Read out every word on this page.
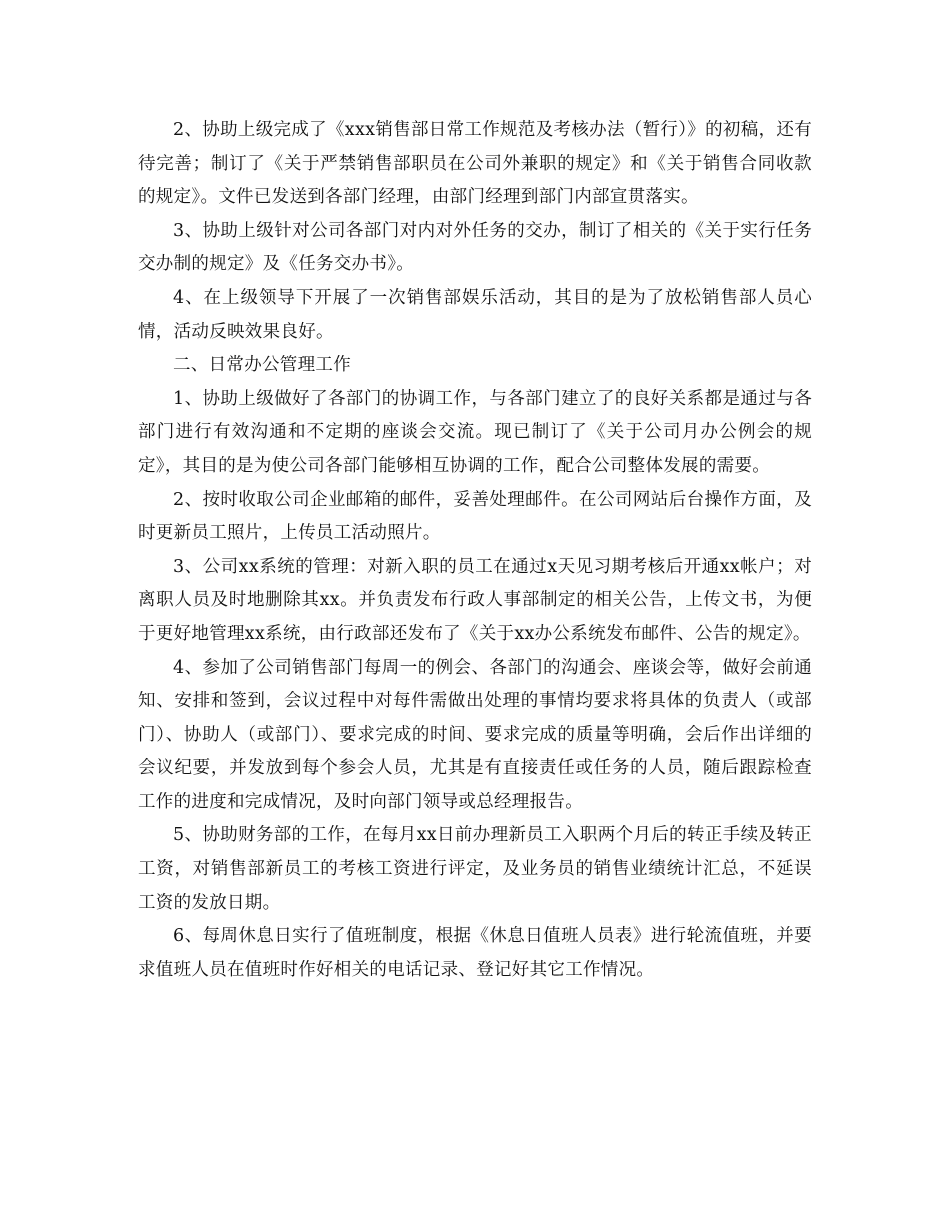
2、协助上级完成了《xxx销售部日常工作规范及考核办法（暂行）》的初稿，还有待完善；制订了《关于严禁销售部职员在公司外兼职的规定》和《关于销售合同收款的规定》。文件已发送到各部门经理，由部门经理到部门内部宣贯落实。

3、协助上级针对公司各部门对内对外任务的交办，制订了相关的《关于实行任务交办制的规定》及《任务交办书》。

4、在上级领导下开展了一次销售部娱乐活动，其目的是为了放松销售部人员心情，活动反映效果良好。

二、日常办公管理工作

1、协助上级做好了各部门的协调工作，与各部门建立了的良好关系都是通过与各部门进行有效沟通和不定期的座谈会交流。现已制订了《关于公司月办公例会的规定》，其目的是为使公司各部门能够相互协调的工作，配合公司整体发展的需要。

2、按时收取公司企业邮箱的邮件，妥善处理邮件。在公司网站后台操作方面，及时更新员工照片，上传员工活动照片。

3、公司xx系统的管理：对新入职的员工在通过x天见习期考核后开通xx帐户；对离职人员及时地删除其xx。并负责发布行政人事部制定的相关公告，上传文书，为便于更好地管理xx系统，由行政部还发布了《关于xx办公系统发布邮件、公告的规定》。

4、参加了公司销售部门每周一的例会、各部门的沟通会、座谈会等，做好会前通知、安排和签到，会议过程中对每件需做出处理的事情均要求将具体的负责人（或部门）、协助人（或部门）、要求完成的时间、要求完成的质量等明确，会后作出详细的会议纪要，并发放到每个参会人员，尤其是有直接责任或任务的人员，随后跟踪检查工作的进度和完成情况，及时向部门领导或总经理报告。

5、协助财务部的工作，在每月xx日前办理新员工入职两个月后的转正手续及转正工资，对销售部新员工的考核工资进行评定，及业务员的销售业绩统计汇总，不延误工资的发放日期。

6、每周休息日实行了值班制度，根据《休息日值班人员表》进行轮流值班，并要求值班人员在值班时作好相关的电话记录、登记好其它工作情况。
